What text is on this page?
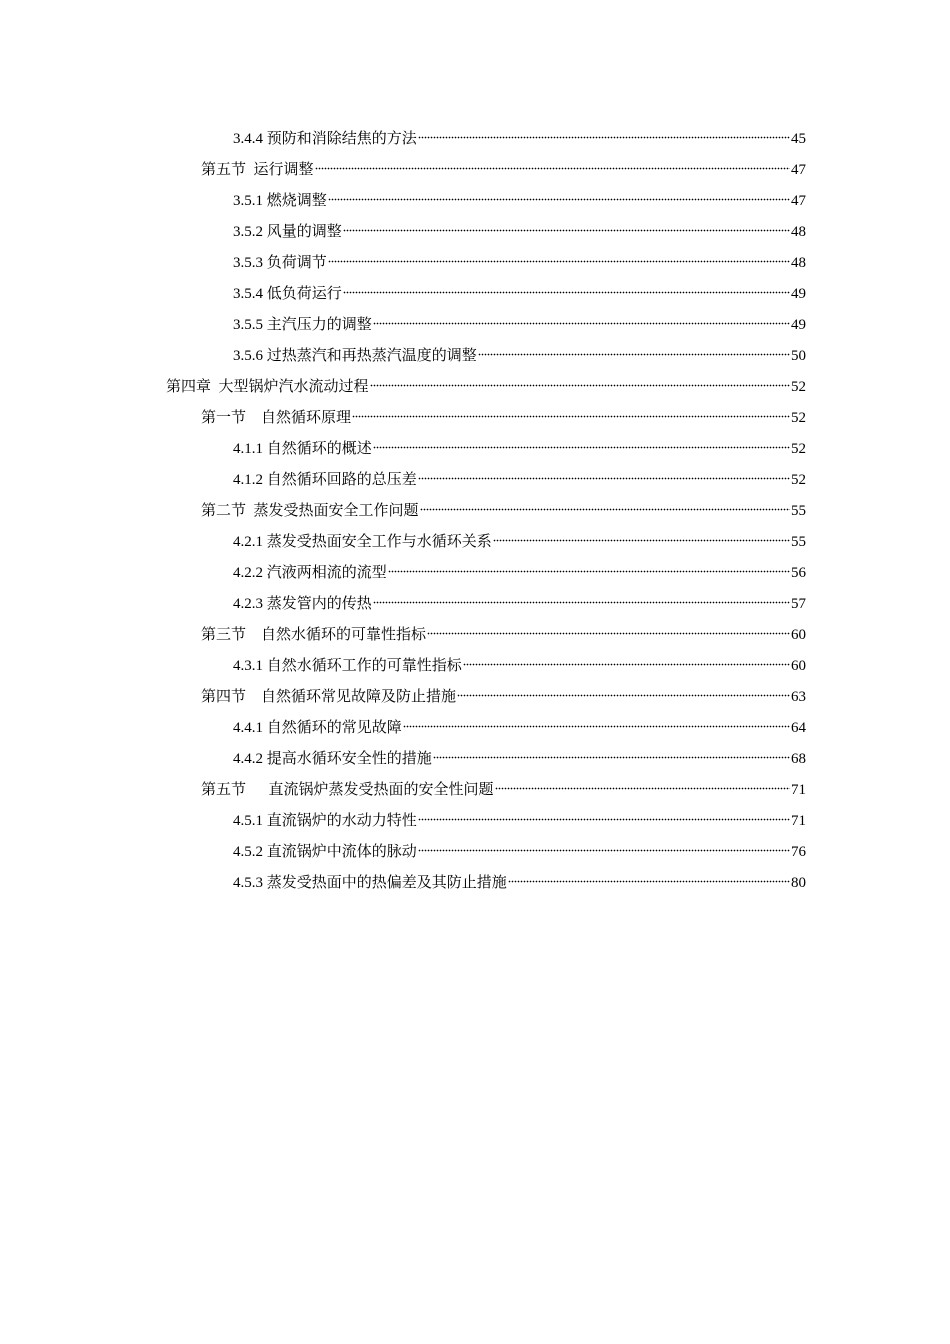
3.4.4 预防和消除结焦的方法	45
第五节  运行调整	47
3.5.1 燃烧调整	47
3.5.2 风量的调整	48
3.5.3 负荷调节	48
3.5.4 低负荷运行	49
3.5.5 主汽压力的调整	49
3.5.6 过热蒸汽和再热蒸汽温度的调整	50
第四章  大型锅炉汽水流动过程	52
第一节    自然循环原理	52
4.1.1 自然循环的概述	52
4.1.2 自然循环回路的总压差	52
第二节  蒸发受热面安全工作问题	55
4.2.1 蒸发受热面安全工作与水循环关系	55
4.2.2 汽液两相流的流型	56
4.2.3 蒸发管内的传热	57
第三节    自然水循环的可靠性指标	60
4.3.1 自然水循环工作的可靠性指标	60
第四节    自然循环常见故障及防止措施	63
4.4.1 自然循环的常见故障	64
4.4.2 提高水循环安全性的措施	68
第五节      直流锅炉蒸发受热面的安全性问题	71
4.5.1 直流锅炉的水动力特性	71
4.5.2 直流锅炉中流体的脉动	76
4.5.3 蒸发受热面中的热偏差及其防止措施	80
